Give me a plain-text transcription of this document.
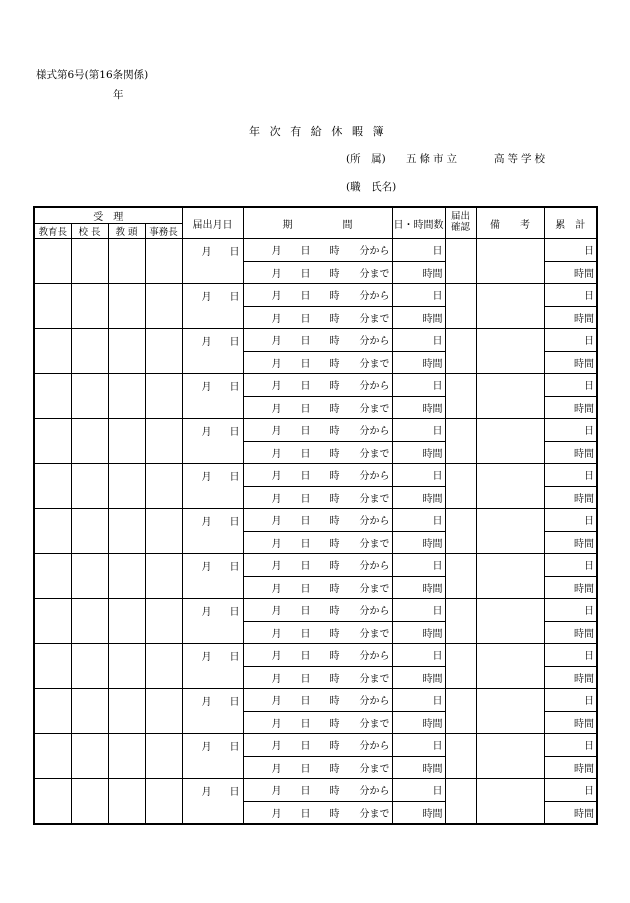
様式第6号(第16条関係)
年
年次有給休暇簿
(所　属) 五條市立	高等学校
(職　氏名)
受　理				届出月日	期　　　　　間	日・時間数	届出
確認	備　　考	累　計
教育長	校 長	教 頭	事務長						

				月 日	月 日 時 分から	日			日

					月 日 時 分まで	時間			時間

				月 日	月 日 時 分から	日			日

					月 日 時 分まで	時間			時間

				月 日	月 日 時 分から	日			日

					月 日 時 分まで	時間			時間

				月 日	月 日 時 分から	日			日

					月 日 時 分まで	時間			時間

				月 日	月 日 時 分から	日			日

					月 日 時 分まで	時間			時間

				月 日	月 日 時 分から	日			日

					月 日 時 分まで	時間			時間

				月 日	月 日 時 分から	日			日

					月 日 時 分まで	時間			時間

				月 日	月 日 時 分から	日			日

					月 日 時 分まで	時間			時間

				月 日	月 日 時 分から	日			日

					月 日 時 分まで	時間			時間

				月 日	月 日 時 分から	日			日

					月 日 時 分まで	時間			時間

				月 日	月 日 時 分から	日			日

					月 日 時 分まで	時間			時間

				月 日	月 日 時 分から	日			日

					月 日 時 分まで	時間			時間

				月 日	月 日 時 分から	日			日

					月 日 時 分まで	時間			時間
